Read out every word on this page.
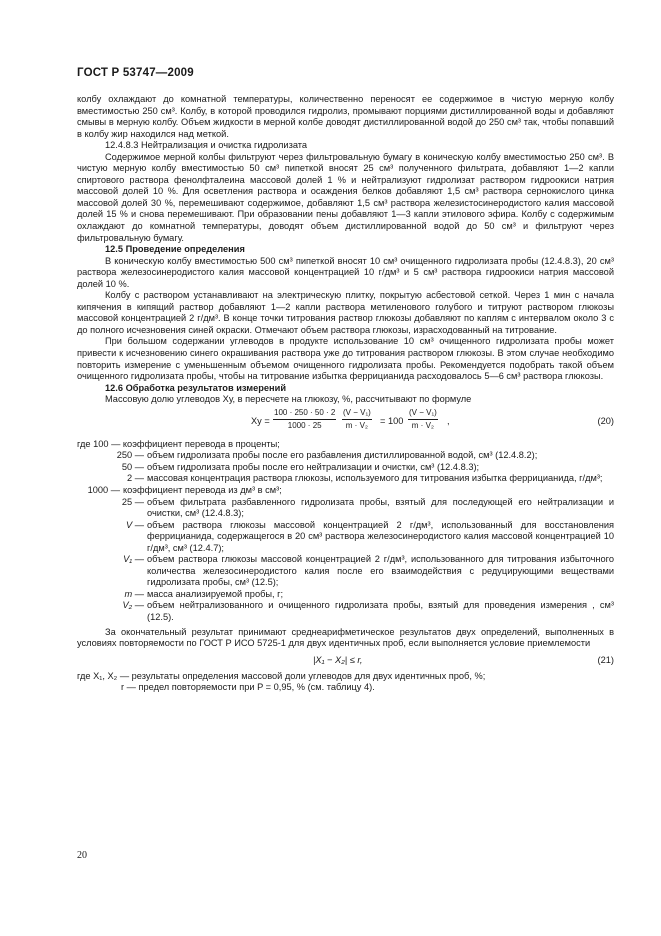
ГОСТ Р 53747—2009

колбу охлаждают до комнатной температуры, количественно переносят ее содержимое в чистую мерную колбу вместимостью 250 см³. Колбу, в которой проводился гидролиз, промывают порциями дистиллированной воды и добавляют смывы в мерную колбу. Объем жидкости в мерной колбе доводят дистиллированной водой до 250 см³ так, чтобы попавший в колбу жир находился над меткой.

12.4.8.3 Нейтрализация и очистка гидролизата

Содержимое мерной колбы фильтруют через фильтровальную бумагу в коническую колбу вместимостью 250 см³. В чистую мерную колбу вместимостью 50 см³ пипеткой вносят 25 см³ полученного фильтрата, добавляют 1—2 капли спиртового раствора фенолфталеина массовой долей 1 % и нейтрализуют гидролизат раствором гидроокиси натрия массовой долей 10 %. Для осветления раствора и осаждения белков добавляют 1,5 см³ раствора сернокислого цинка массовой долей 30 %, перемешивают содержимое, добавляют 1,5 см³ раствора железистосинеродистого калия массовой долей 15 % и снова перемешивают. При образовании пены добавляют 1—3 капли этилового эфира. Колбу с содержимым охлаждают до комнатной температуры, доводят объем дистиллированной водой до 50 см³ и фильтруют через фильтровальную бумагу.

12.5 Проведение определения

В коническую колбу вместимостью 500 см³ пипеткой вносят 10 см³ очищенного гидролизата пробы (12.4.8.3), 20 см³ раствора железосинеродистого калия массовой концентрацией 10 г/дм³ и 5 см³ раствора гидроокиси натрия массовой долей 10 %.

Колбу с раствором устанавливают на электрическую плитку, покрытую асбестовой сеткой. Через 1 мин с начала кипячения в кипящий раствор добавляют 1—2 капли раствора метиленового голубого и титруют раствором глюкозы массовой концентрацией 2 г/дм³. В конце точки титрования раствор глюкозы добавляют по каплям с интервалом около 3 с до полного исчезновения синей окраски. Отмечают объем раствора глюкозы, израсходованный на титрование.

При большом содержании углеводов в продукте использование 10 см³ очищенного гидролизата пробы может привести к исчезновению синего окрашивания раствора уже до титрования раствором глюкозы. В этом случае необходимо повторить измерение с уменьшенным объемом очищенного гидролизата пробы. Рекомендуется подобрать такой объем очищенного гидролизата пробы, чтобы на титрование избытка феррицианида расходовалось 5—6 см³ раствора глюкозы.

12.6 Обработка результатов измерений

Массовую долю углеводов Xу, в пересчете на глюкозу, %, рассчитывают по формуле

Xу = $\frac{100 \cdot 250 \cdot 50 \cdot 2}{1000 \cdot 25} \frac{\text{(V − V₁)}}{\text{m · V₂}} = 100 \frac{\text{(V − V₁)}}{\text{m · V₂}}$ ,	(20)

где 100 — коэффициент перевода в проценты;

250 — объем гидролизата пробы после его разбавления дистиллированной водой, см³ (12.4.8.2);
50 — объем гидролизата пробы после его нейтрализации и очистки, см³ (12.4.8.3);
2 — массовая концентрация раствора глюкозы, используемого для титрования избытка феррицианида, г/дм³;
1000 — коэффициент перевода из дм³ в см³;
25 — объем фильтрата разбавленного гидролизата пробы, взятый для последующей его нейтрализации и очистки, см³ (12.4.8.3);
V — объем раствора глюкозы массовой концентрацией 2 г/дм³, использованный для восстановления феррицианида, содержащегося в 20 см³ раствора железосинеродистого калия массовой концентрацией 10 г/дм³, см³ (12.4.7);
V₁ — объем раствора глюкозы массовой концентрацией 2 г/дм³, использованного для титрования избыточного количества железосинеродистого калия после его взаимодействия с редуцирующими веществами гидролизата пробы, см³ (12.5);
m — масса анализируемой пробы, г;
V₂ — объем нейтрализованного и очищенного гидролизата пробы, взятый для проведения измерения , см³ (12.5).

За окончательный результат принимают среднеарифметическое результатов двух определений, выполненных в условиях повторяемости по ГОСТ Р ИСО 5725-1 для двух идентичных проб, если выполняется условие приемлемости

|X₁ − X₂| ≤ r,	(21)

где X₁, X₂ — результаты определения массовой доли углеводов для двух идентичных проб, %;

r — предел повторяемости при P = 0,95, % (см. таблицу 4).

20
